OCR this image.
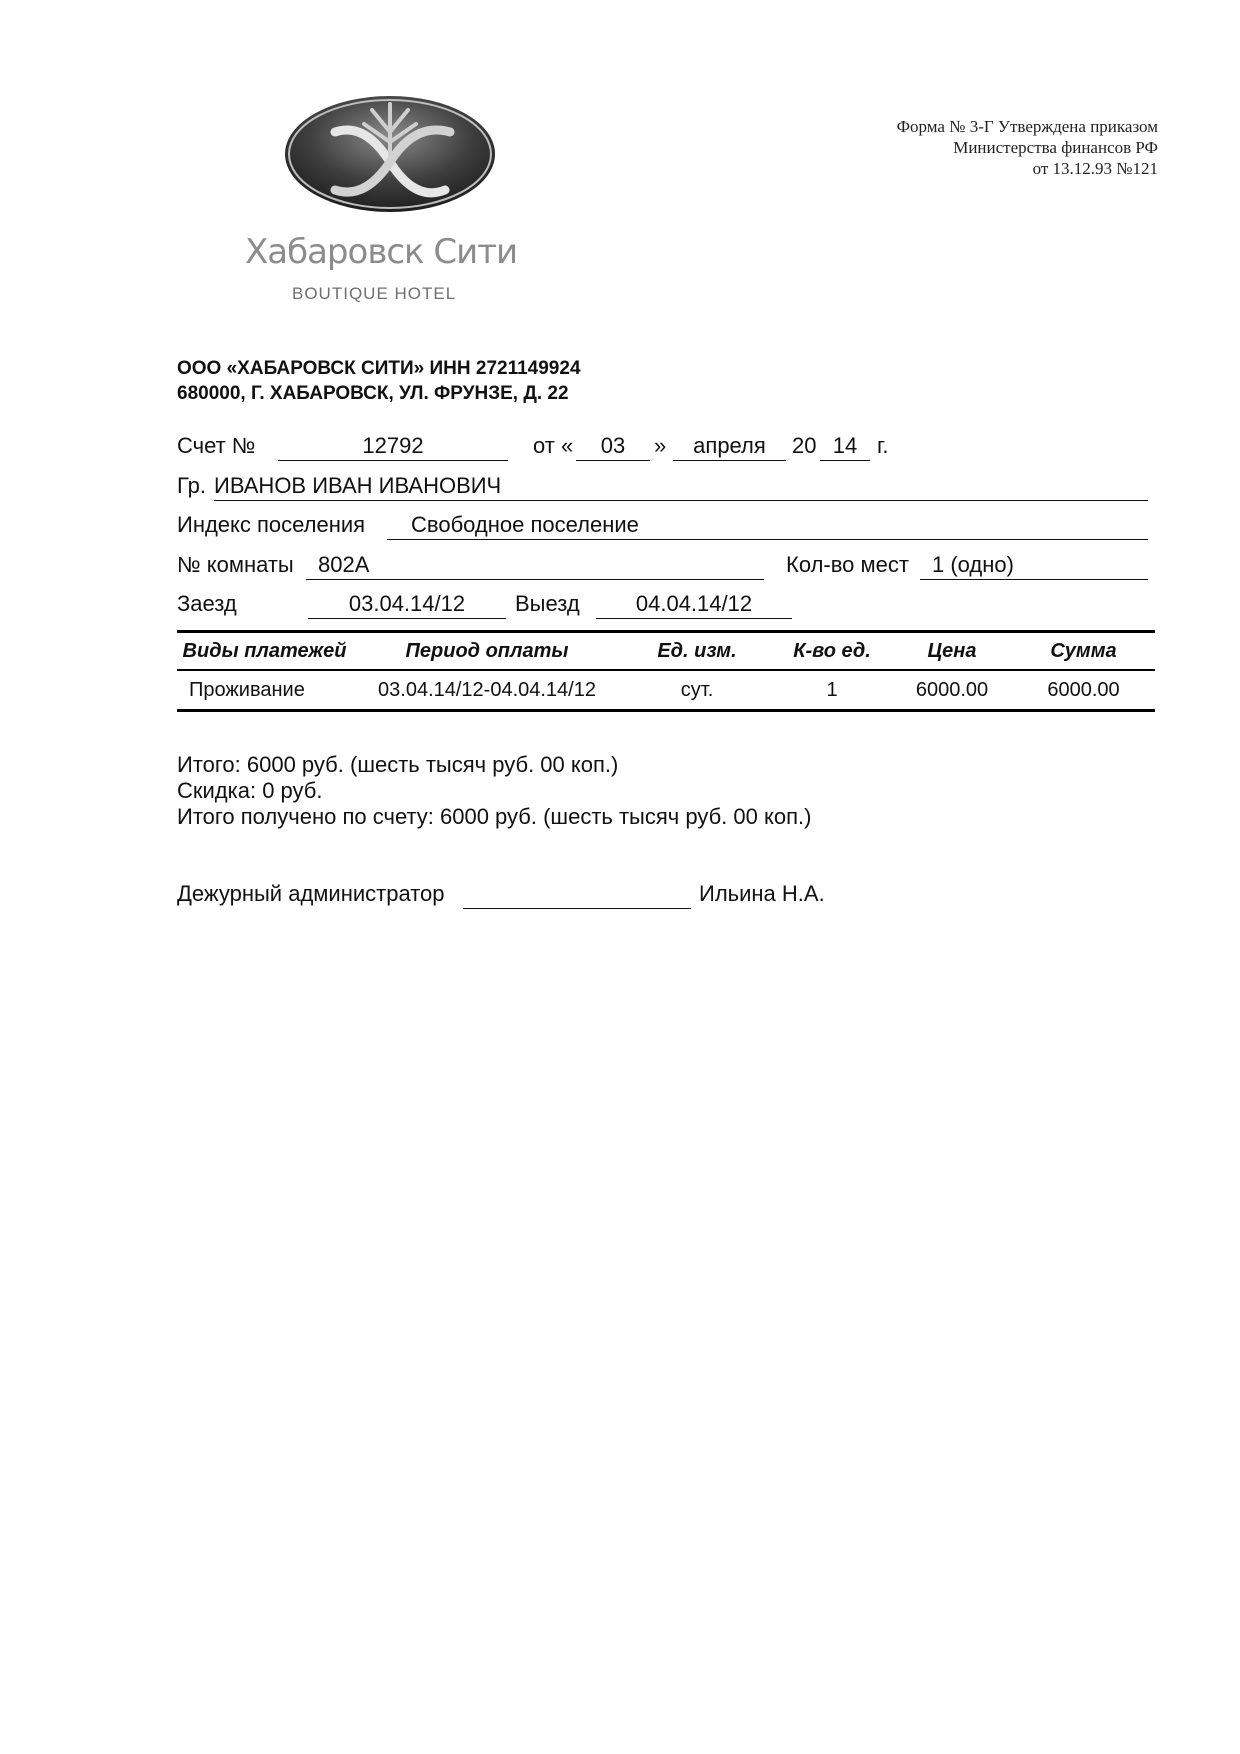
Хабаровск Сити
BOUTIQUE HOTEL
Форма № 3-Г Утверждена приказом
Министерства финансов РФ
от 13.12.93 №121
ООО «ХАБАРОВСК СИТИ» ИНН 2721149924
680000, Г. ХАБАРОВСК, УЛ. ФРУНЗЕ, Д. 22
Счет №	12792	от «	03	»	апреля	20 14 г.
Гр. ИВАНОВ ИВАН ИВАНОВИЧ
Индекс поселения	Свободное поселение
№ комнаты	802А	Кол-во мест	1 (одно)
Заезд	03.04.14/12	Выезд	04.04.14/12
Виды платежей	Период оплаты	Ед. изм.	К-во ед.	Цена	Сумма
Проживание	03.04.14/12-04.04.14/12	сут.	1	6000.00	6000.00
Итого: 6000 руб. (шесть тысяч руб. 00 коп.)
Скидка: 0 руб.
Итого получено по счету: 6000 руб. (шесть тысяч руб. 00 коп.)
Дежурный администратор	Ильина Н.А.
